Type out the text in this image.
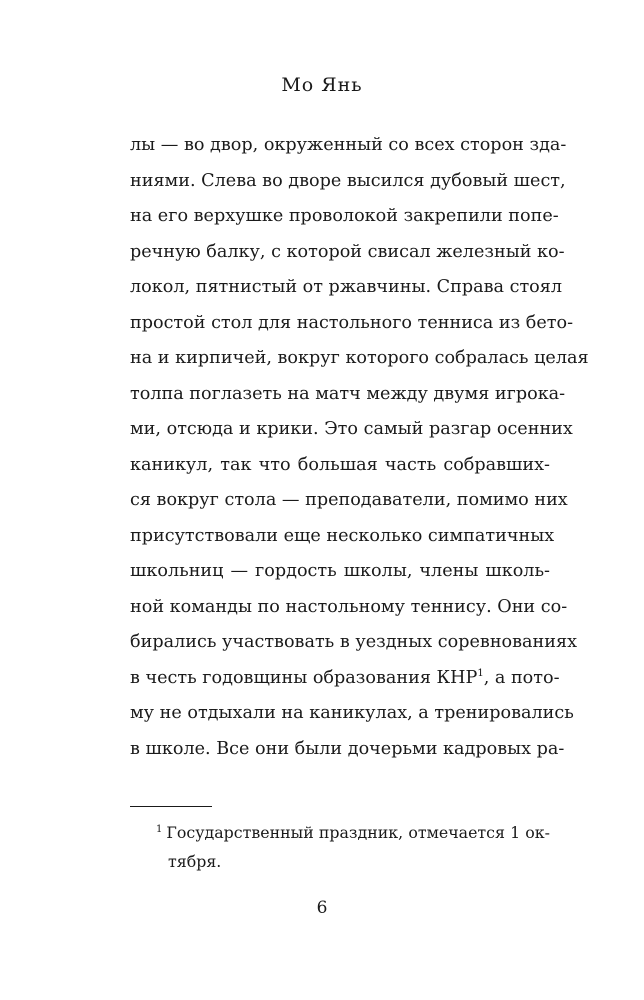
Мо Янь
лы — во двор, окруженный со всех сторон зда-
ниями. Слева во дворе высился дубовый шест,
на его верхушке проволокой закрепили попе-
речную балку, с которой свисал железный ко-
локол, пятнистый от ржавчины. Справа стоял
простой стол для настольного тенниса из бето-
на и кирпичей, вокруг которого собралась целая
толпа поглазеть на матч между двумя игрока-
ми, отсюда и крики. Это самый разгар осенних
каникул, так что большая часть собравших-
ся вокруг стола — преподаватели, помимо них
присутствовали еще несколько симпатичных
школьниц — гордость школы, члены школь-
ной команды по настольному теннису. Они со-
бирались участвовать в уездных соревнованиях
в честь годовщины образования КНР$^1$, а пото-
му не отдыхали на каникулах, а тренировались
в школе. Все они были дочерьми кадровых ра-
$^1$ Государственный праздник, отмечается 1 ок-
тября.
6
